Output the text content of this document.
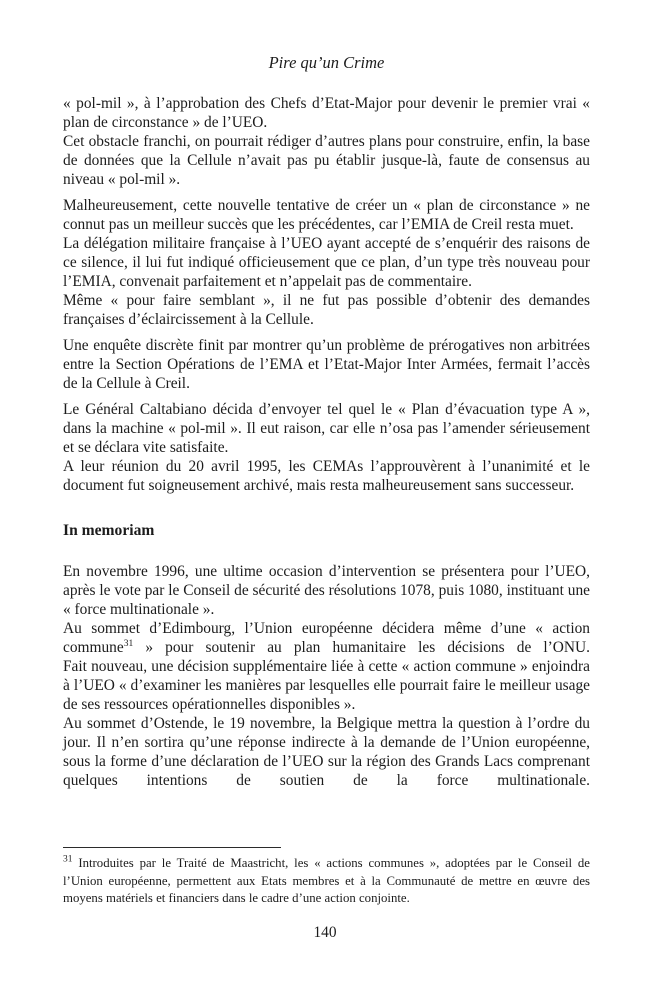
Pire qu’un Crime

« pol-mil », à l’approbation des Chefs d’Etat-Major pour devenir le premier vrai « plan de circonstance » de l’UEO.

Cet obstacle franchi, on pourrait rédiger d’autres plans pour construire, enfin, la base de données que la Cellule n’avait pas pu établir jusque-là, faute de consensus au niveau « pol-mil ».

Malheureusement, cette nouvelle tentative de créer un « plan de circonstance » ne connut pas un meilleur succès que les précédentes, car l’EMIA de Creil resta muet.

La délégation militaire française à l’UEO ayant accepté de s’enquérir des raisons de ce silence, il lui fut indiqué officieusement que ce plan, d’un type très nouveau pour l’EMIA, convenait parfaitement et n’appelait pas de commentaire.

Même « pour faire semblant », il ne fut pas possible d’obtenir des demandes françaises d’éclaircissement à la Cellule.

Une enquête discrète finit par montrer qu’un problème de prérogatives non arbitrées entre la Section Opérations de l’EMA et l’Etat-Major Inter Armées, fermait l’accès de la Cellule à Creil.

Le Général Caltabiano décida d’envoyer tel quel le « Plan d’évacuation type A », dans la machine « pol-mil ». Il eut raison, car elle n’osa pas l’amender sérieusement et se déclara vite satisfaite.

A leur réunion du 20 avril 1995, les CEMAs l’approuvèrent à l’unanimité et le document fut soigneusement archivé, mais resta malheureusement sans successeur.

In memoriam

En novembre 1996, une ultime occasion d’intervention se présentera pour l’UEO, après le vote par le Conseil de sécurité des résolutions 1078, puis 1080, instituant une « force multinationale ».

Au sommet d’Edimbourg, l’Union européenne décidera même d’une « action commune$^{31}$ » pour soutenir au plan humanitaire les décisions de l’ONU.

Fait nouveau, une décision supplémentaire liée à cette « action commune » enjoindra à l’UEO « d’examiner les manières par lesquelles elle pourrait faire le meilleur usage de ses ressources opérationnelles disponibles ».

Au sommet d’Ostende, le 19 novembre, la Belgique mettra la question à l’ordre du jour. Il n’en sortira qu’une réponse indirecte à la demande de l’Union européenne, sous la forme d’une déclaration de l’UEO sur la région des Grands Lacs comprenant quelques intentions de soutien de la force multinationale.

$^{31}$ Introduites par le Traité de Maastricht, les « actions communes », adoptées par le Conseil de l’Union européenne, permettent aux Etats membres et à la Communauté de mettre en œuvre des moyens matériels et financiers dans le cadre d’une action conjointe.

140
